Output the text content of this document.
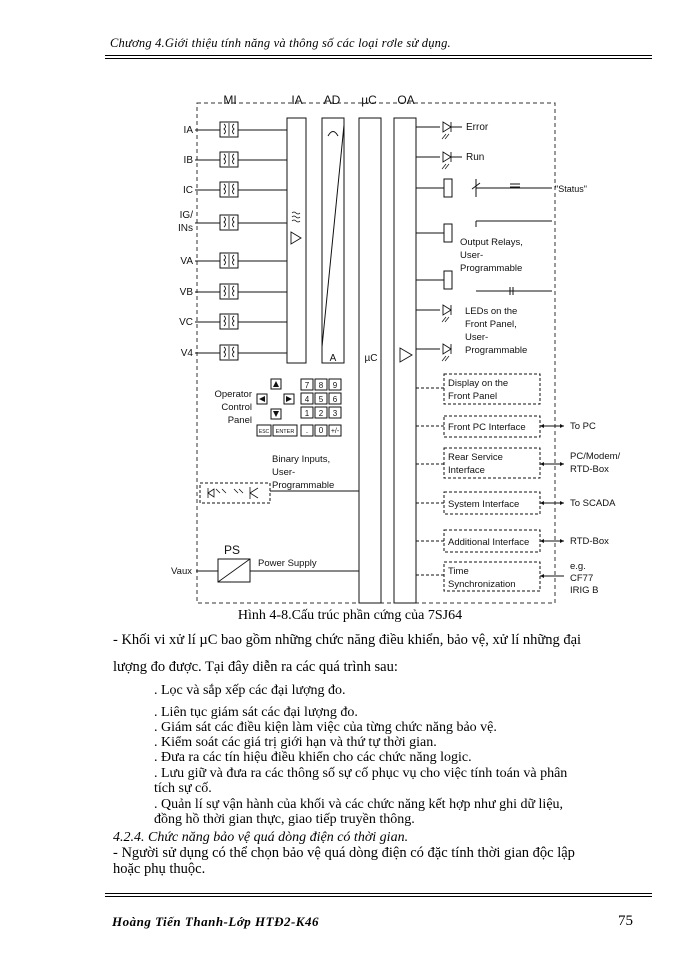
Chương 4.Giới thiệu tính năng và thông số các loại rơle sử dụng.
MI	IA AD µC OA
A	µC
IA
IB
IC
IG/
INs
VA
VB
VC
V4
Error
Run
"Status"
Output Relays,
User-
Programmable
LEDs on the
Front Panel,
User-
Programmable
Operator
Control
Panel
7 8 9
4 5 6
1 2 3
ESC ENTER . 0 +/-
Binary Inputs,
User-
Programmable
PS
Vaux
Power Supply
Display on the
Front Panel
Front PC Interface	To PC
Rear Service
Interface
PC/Modem/
RTD-Box
System Interface	To SCADA
Additional Interface	RTD-Box
Time
Synchronization
e.g.
CF77
IRIG B
Hình 4-8.Cấu trúc phần cứng của 7SJ64
- Khối vi xử lí µC bao gồm những chức năng điều khiển, bảo vệ, xử lí những đại
lượng đo được. Tại đây diễn ra các quá trình sau:
. Lọc và sắp xếp các đại lượng đo.
. Liên tục giám sát các đại lượng đo.
. Giám sát các điều kiện làm việc của từng chức năng bảo vệ.
. Kiểm soát các giá trị giới hạn và thứ tự thời gian.
. Đưa ra các tín hiệu điều khiển cho các chức năng logic.
. Lưu giữ và đưa ra các thông số sự cố phục vụ cho việc tính toán và phân
tích sự cố.
. Quản lí sự vận hành của khối và các chức năng kết hợp như ghi dữ liệu,
đồng hồ thời gian thực, giao tiếp truyền thông.
4.2.4. Chức năng bảo vệ quá dòng điện có thời gian.
- Người sử dụng có thể chọn bảo vệ quá dòng điện có đặc tính thời gian độc lập
hoặc phụ thuộc.
Hoàng Tiến Thanh-Lớp HTĐ2-K46	75
